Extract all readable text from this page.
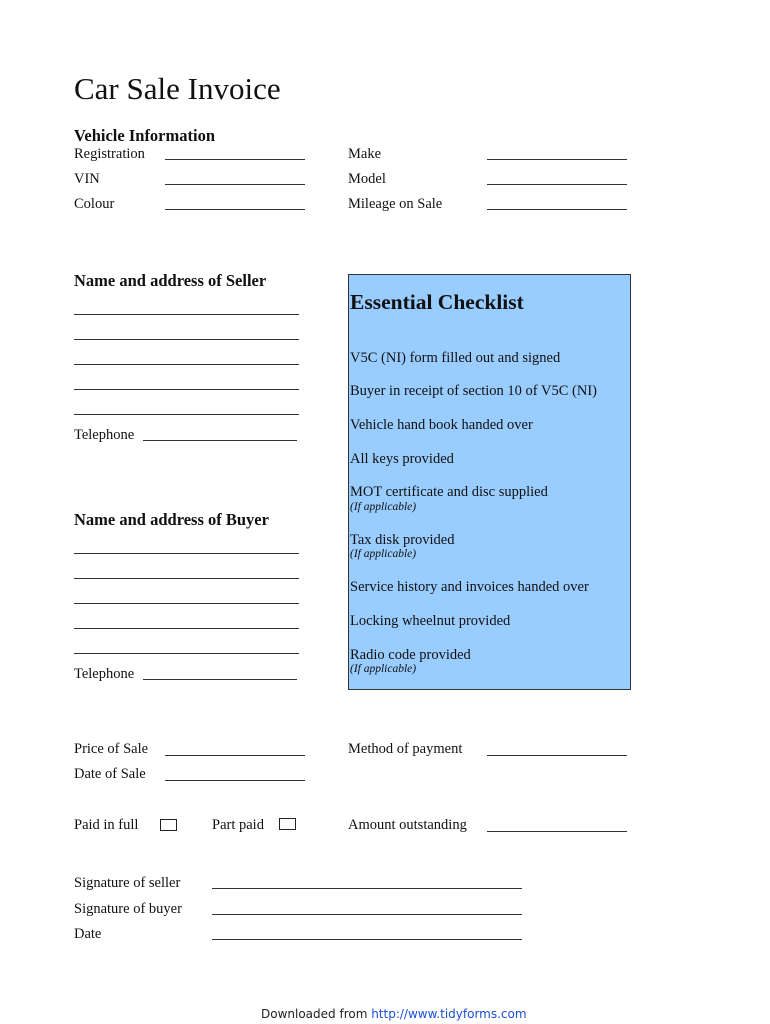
Car Sale Invoice
Vehicle Information
Registration
VIN
Colour
Make
Model
Mileage on Sale
Name and address of Seller
Telephone
Name and address of Buyer
Telephone
Essential Checklist
V5C (NI) form filled out and signed
Buyer in receipt of section 10 of V5C (NI)
Vehicle hand book handed over
All keys provided
MOT certificate and disc supplied
(If applicable)
Tax disk provided
(If applicable)
Service history and invoices handed over
Locking wheelnut provided
Radio code provided
(If applicable)
Price of Sale
Date of Sale
Method of payment
Paid in full	Part paid	Amount outstanding
Signature of seller
Signature of buyer
Date
Downloaded from http://www.tidyforms.com
